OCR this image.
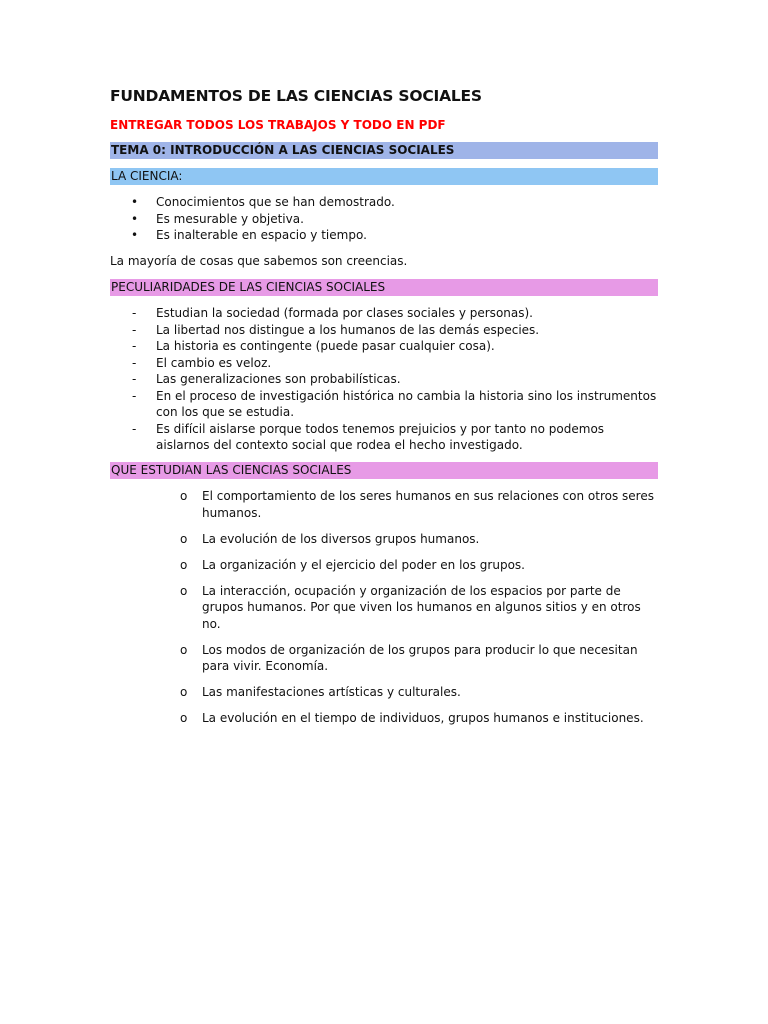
FUNDAMENTOS DE LAS CIENCIAS SOCIALES
ENTREGAR TODOS LOS TRABAJOS Y TODO EN PDF
TEMA 0: INTRODUCCIÓN A LAS CIENCIAS SOCIALES
LA CIENCIA:
• Conocimientos que se han demostrado.
• Es mesurable y objetiva.
• Es inalterable en espacio y tiempo.
La mayoría de cosas que sabemos son creencias.
PECULIARIDADES DE LAS CIENCIAS SOCIALES
- Estudian la sociedad (formada por clases sociales y personas).
- La libertad nos distingue a los humanos de las demás especies.
- La historia es contingente (puede pasar cualquier cosa).
- El cambio es veloz.
- Las generalizaciones son probabilísticas.
- En el proceso de investigación histórica no cambia la historia sino los instrumentos con los que se estudia.
- Es difícil aislarse porque todos tenemos prejuicios y por tanto no podemos aislarnos del contexto social que rodea el hecho investigado.
QUE ESTUDIAN LAS CIENCIAS SOCIALES
o El comportamiento de los seres humanos en sus relaciones con otros seres humanos.
o La evolución de los diversos grupos humanos.
o La organización y el ejercicio del poder en los grupos.
o La interacción, ocupación y organización de los espacios por parte de grupos humanos. Por que viven los humanos en algunos sitios y en otros no.
o Los modos de organización de los grupos para producir lo que necesitan para vivir. Economía.
o Las manifestaciones artísticas y culturales.
o La evolución en el tiempo de individuos, grupos humanos e instituciones.
